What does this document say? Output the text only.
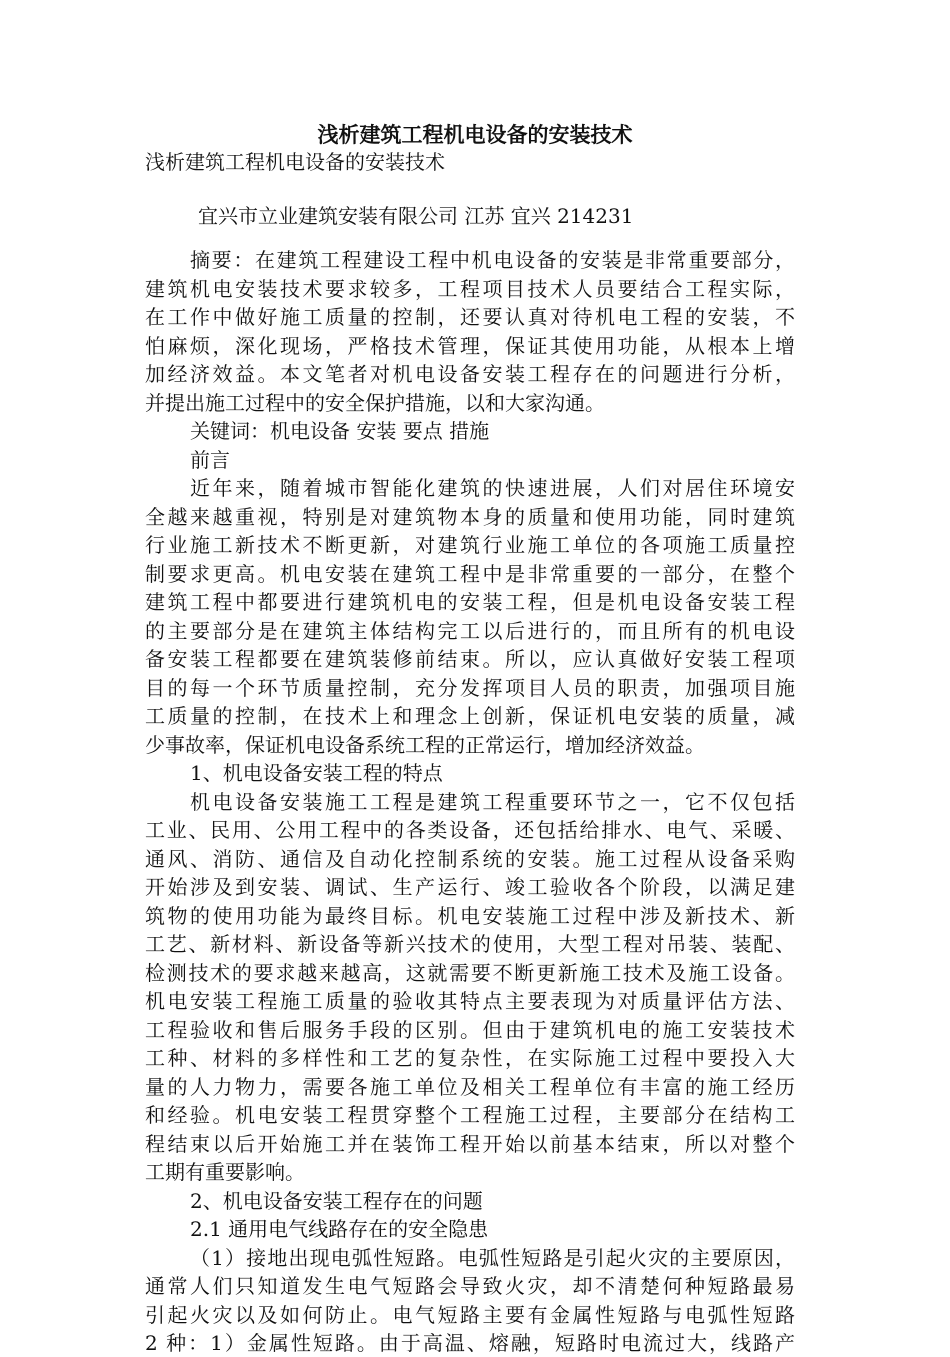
浅析建筑工程机电设备的安装技术
浅析建筑工程机电设备的安装技术
宜兴市立业建筑安装有限公司 江苏 宜兴 214231
摘要：在建筑工程建设工程中机电设备的安装是非常重要部分，
建筑机电安装技术要求较多，工程项目技术人员要结合工程实际，
在工作中做好施工质量的控制，还要认真对待机电工程的安装，不
怕麻烦，深化现场，严格技术管理，保证其使用功能，从根本上增
加经济效益。本文笔者对机电设备安装工程存在的问题进行分析，
并提出施工过程中的安全保护措施，以和大家沟通。
关键词：机电设备 安装 要点 措施
前言
近年来，随着城市智能化建筑的快速进展，人们对居住环境安
全越来越重视，特别是对建筑物本身的质量和使用功能，同时建筑
行业施工新技术不断更新，对建筑行业施工单位的各项施工质量控
制要求更高。机电安装在建筑工程中是非常重要的一部分，在整个
建筑工程中都要进行建筑机电的安装工程，但是机电设备安装工程
的主要部分是在建筑主体结构完工以后进行的，而且所有的机电设
备安装工程都要在建筑装修前结束。所以，应认真做好安装工程项
目的每一个环节质量控制，充分发挥项目人员的职责，加强项目施
工质量的控制，在技术上和理念上创新，保证机电安装的质量，减
少事故率，保证机电设备系统工程的正常运行，增加经济效益。
1、机电设备安装工程的特点
机电设备安装施工工程是建筑工程重要环节之一，它不仅包括
工业、民用、公用工程中的各类设备，还包括给排水、电气、采暖、
通风、消防、通信及自动化控制系统的安装。施工过程从设备采购
开始涉及到安装、调试、生产运行、竣工验收各个阶段，以满足建
筑物的使用功能为最终目标。机电安装施工过程中涉及新技术、新
工艺、新材料、新设备等新兴技术的使用，大型工程对吊装、装配、
检测技术的要求越来越高，这就需要不断更新施工技术及施工设备。
机电安装工程施工质量的验收其特点主要表现为对质量评估方法、
工程验收和售后服务手段的区别。但由于建筑机电的施工安装技术
工种、材料的多样性和工艺的复杂性，在实际施工过程中要投入大
量的人力物力，需要各施工单位及相关工程单位有丰富的施工经历
和经验。机电安装工程贯穿整个工程施工过程，主要部分在结构工
程结束以后开始施工并在装饰工程开始以前基本结束，所以对整个
工期有重要影响。
2、机电设备安装工程存在的问题
2.1 通用电气线路存在的安全隐患
（1）接地出现电弧性短路。电弧性短路是引起火灾的主要原因，
通常人们只知道发生电气短路会导致火灾，却不清楚何种短路最易
引起火灾以及如何防止。电气短路主要有金属性短路与电弧性短路
2 种：1）金属性短路。由于高温、熔融，短路时电流过大，线路产
